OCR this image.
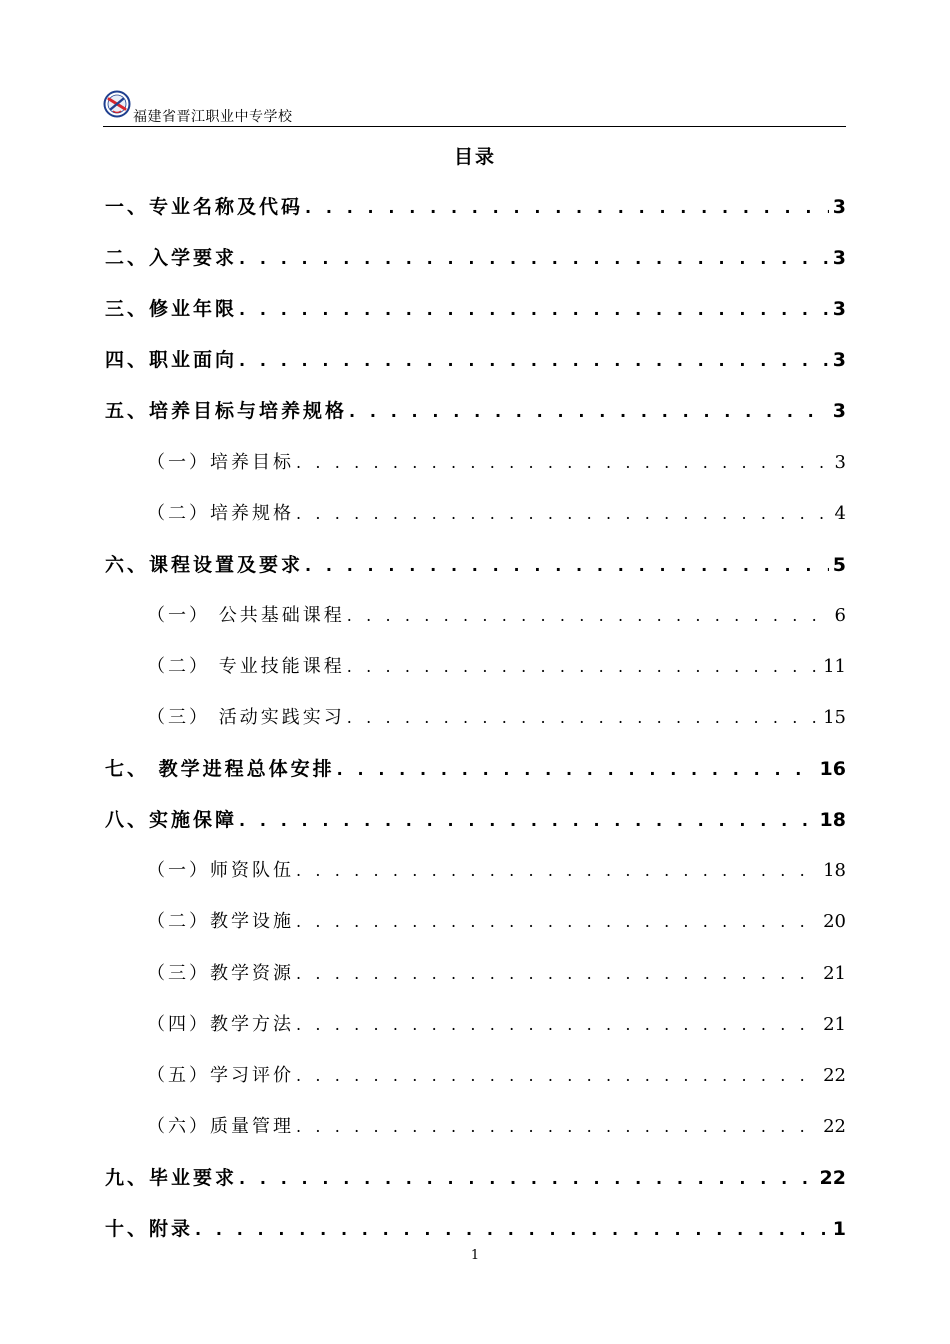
福建省晋江职业中专学校
目录
一、专业名称及代码 . . .	3
二、入学要求 . . .	3
三、修业年限 . . .	3
四、职业面向 . . .	3
五、培养目标与培养规格 . . .	3
（一）培养目标 . . .	3
（二）培养规格 . . .	4
六、课程设置及要求 . . .	5
（一） 公共基础课程 . . .	6
（二） 专业技能课程 . . .	11
（三） 活动实践实习 . . .	15
七、 教学进程总体安排 . . .	16
八、实施保障 . . .	18
（一）师资队伍 . . .	18
（二）教学设施 . . .	20
（三）教学资源 . . .	21
（四）教学方法 . . .	21
（五）学习评价 . . .	22
（六）质量管理 . . .	22
九、毕业要求 . . .	22
十、附录 . . .	1
1
